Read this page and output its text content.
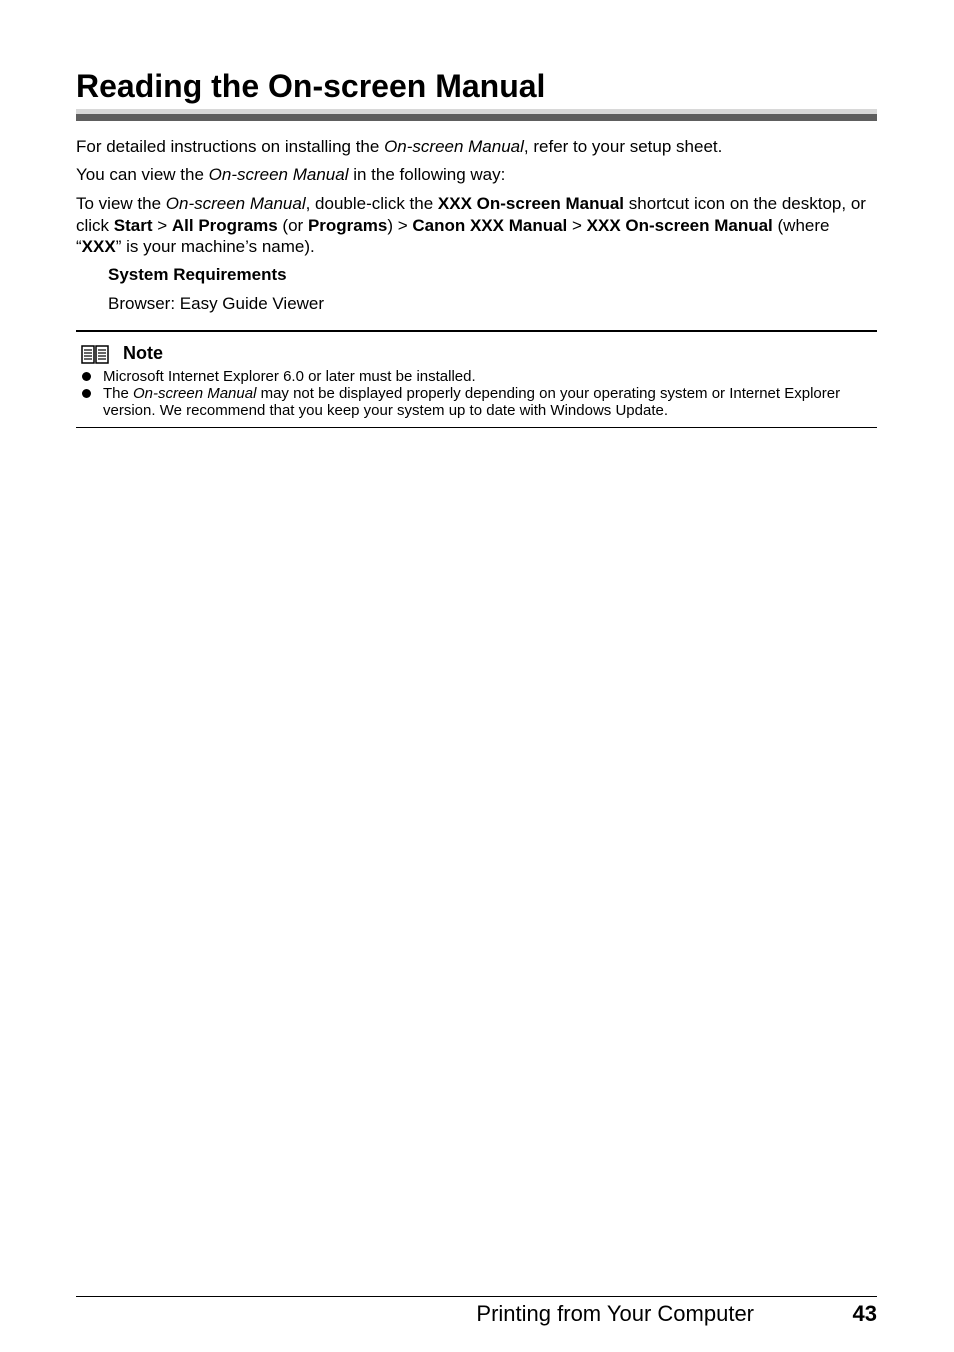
Reading the On-screen Manual

For detailed instructions on installing the On-screen Manual, refer to your setup sheet.

You can view the On-screen Manual in the following way:

To view the On-screen Manual, double-click the XXX On-screen Manual shortcut icon on the desktop, or click Start > All Programs (or Programs) > Canon XXX Manual > XXX On-screen Manual (where “XXX” is your machine’s name).

System Requirements

Browser: Easy Guide Viewer

Note
Microsoft Internet Explorer 6.0 or later must be installed.
The On-screen Manual may not be displayed properly depending on your operating system or Internet Explorer version. We recommend that you keep your system up to date with Windows Update.
Printing from Your Computer	43
